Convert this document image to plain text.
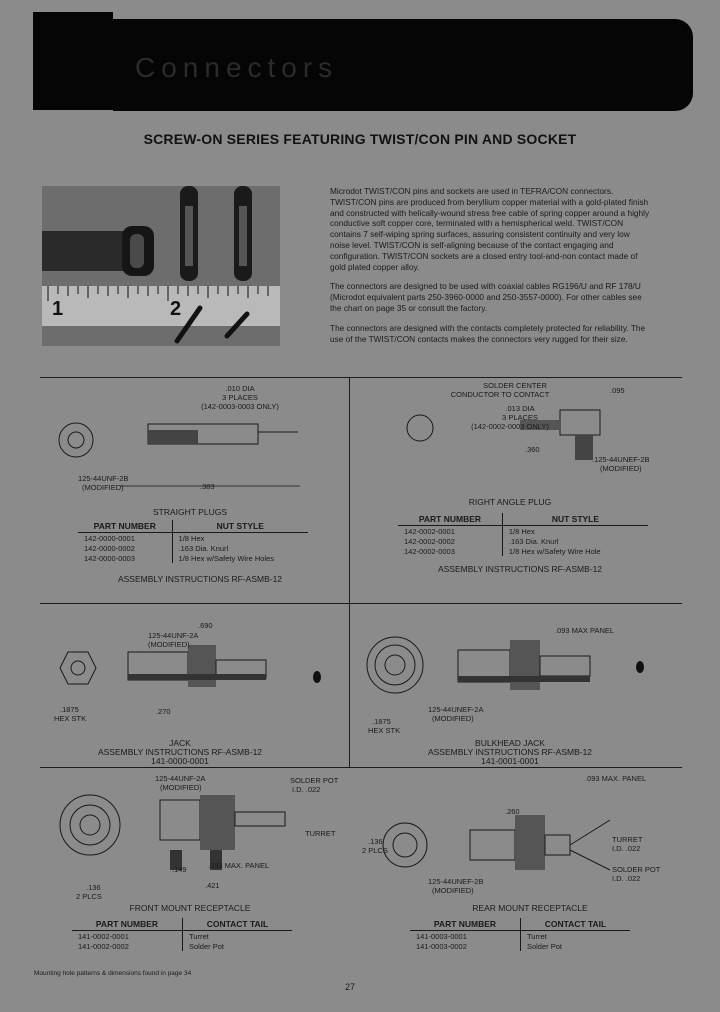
Connectors
SCREW-ON SERIES FEATURING TWIST/CON PIN AND SOCKET
1	2

Microdot TWIST/CON pins and sockets are used in TEFRA/CON connectors. TWIST/CON pins are produced from beryllium copper material with a gold-plated finish and constructed with helically-wound stress free cable of spring copper around a highly conductive soft copper core, terminated with a hemispherical weld. TWIST/CON contains 7 self-wiping spring surfaces, assuring consistent continuity and very low noise level. TWIST/CON is self-aligning because of the contact engaging and configuration. TWIST/CON sockets are a closed entry tool-and-non contact made of gold plated copper alloy.

The connectors are designed to be used with coaxial cables RG196/U and RF 178/U (Microdot equivalent parts 250-3960-0000 and 250-3557-0000). For other cables see the chart on page 35 or consult the factory.

The connectors are designed with the contacts completely protected for reliability. The use of the TWIST/CON contacts makes the connectors very rugged for their size.

.010 DIA
3 PLACES
(142-0003-0003 ONLY)
125-44UNF-2B
(MODIFIED)	.383
STRAIGHT PLUGS
PART NUMBER	NUT STYLE
142-0000-0001	1/8 Hex
142-0000-0002	.163 Dia. Knurl
142-0000-0003	1/8 Hex w/Safety Wire Holes
ASSEMBLY INSTRUCTIONS RF-ASMB-12
SOLDER CENTER
CONDUCTOR TO CONTACT	.095
.013 DIA
3 PLACES
(142-0002-0003 ONLY)
.360
.125-44UNEF-2B
(MODIFIED)
RIGHT ANGLE PLUG
PART NUMBER	NUT STYLE
142-0002-0001	1/8 Hex
142-0002-0002	.163 Dia. Knurl
142-0002-0003	1/8 Hex w/Safety Wire Hole
ASSEMBLY INSTRUCTIONS RF-ASMB-12
.690
125-44UNF-2A
(MODIFIED)
.1875
HEX STK
.270
JACK
ASSEMBLY INSTRUCTIONS RF-ASMB-12
141-0000-0001
.093 MAX PANEL
125-44UNEF-2A
(MODIFIED)
.1875
HEX STK
BULKHEAD JACK
ASSEMBLY INSTRUCTIONS RF-ASMB-12
141-0001-0001
125-44UNF-2A
(MODIFIED)
SOLDER POT
I.D. .022
TURRET
.093 MAX. PANEL
.149
.421
.136
2 PLCS
FRONT MOUNT RECEPTACLE
PART NUMBER	CONTACT TAIL
141-0002-0001	Turret
141-0002-0002	Solder Pot
.093 MAX. PANEL
.260
.136
2 PLCS
TURRET
I.D. .022
SOLDER POT
I.D. .022
125-44UNEF-2B
(MODIFIED)
REAR MOUNT RECEPTACLE
PART NUMBER	CONTACT TAIL
141-0003-0001	Turret
141-0003-0002	Solder Pot
Mounting hole patterns & dimensions found in page 34
27
